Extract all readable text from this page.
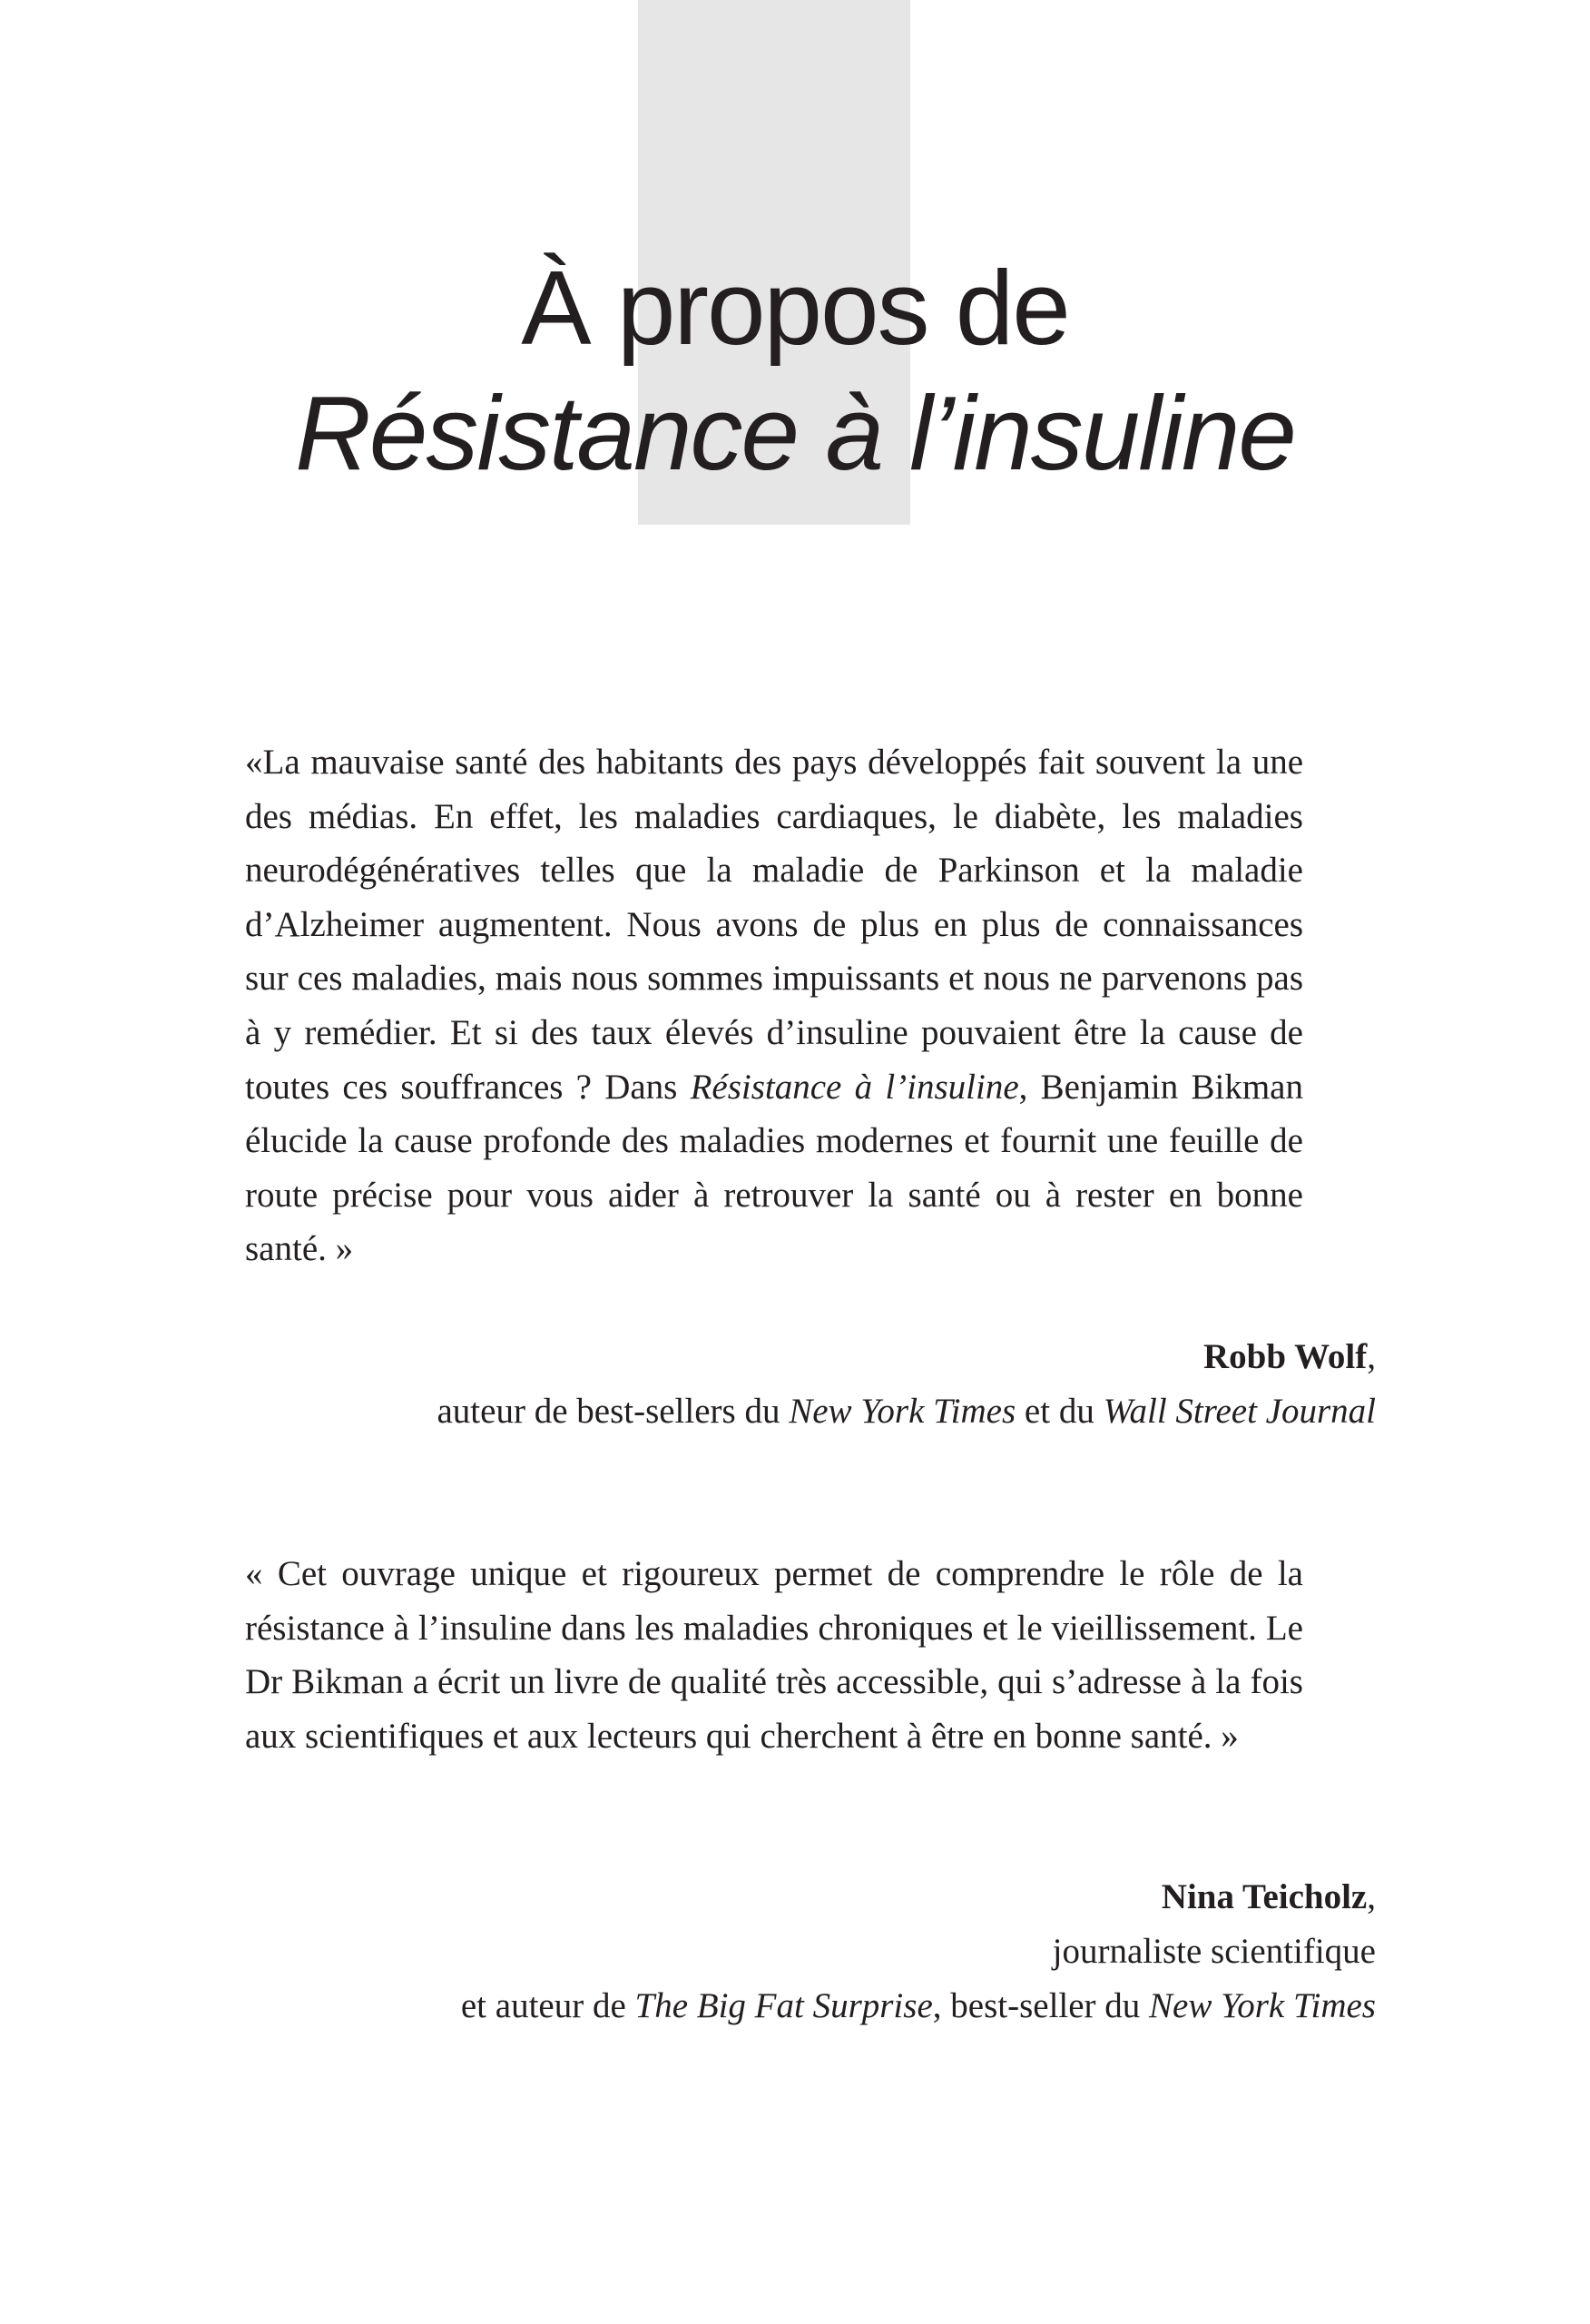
À propos de
Résistance à l’insuline

«La mauvaise santé des habitants des pays développés fait souvent la une des médias. En effet, les maladies cardiaques, le diabète, les maladies neurodégénératives telles que la maladie de Parkinson et la maladie d’Alzheimer augmentent. Nous avons de plus en plus de connaissances sur ces maladies, mais nous sommes impuissants et nous ne parvenons pas à y remédier. Et si des taux élevés d’insuline pouvaient être la cause de toutes ces souffrances ? Dans Résistance à l’insuline, Benjamin Bikman élucide la cause profonde des maladies modernes et fournit une feuille de route précise pour vous aider à retrouver la santé ou à rester en bonne santé. »

Robb Wolf,
auteur de best-sellers du New York Times et du Wall Street Journal

« Cet ouvrage unique et rigoureux permet de comprendre le rôle de la résistance à l’insuline dans les maladies chroniques et le vieillissement. Le Dr Bikman a écrit un livre de qualité très accessible, qui s’adresse à la fois aux scientifiques et aux lecteurs qui cherchent à être en bonne santé. »

Nina Teicholz,
journaliste scientifique
et auteur de The Big Fat Surprise, best-seller du New York Times
